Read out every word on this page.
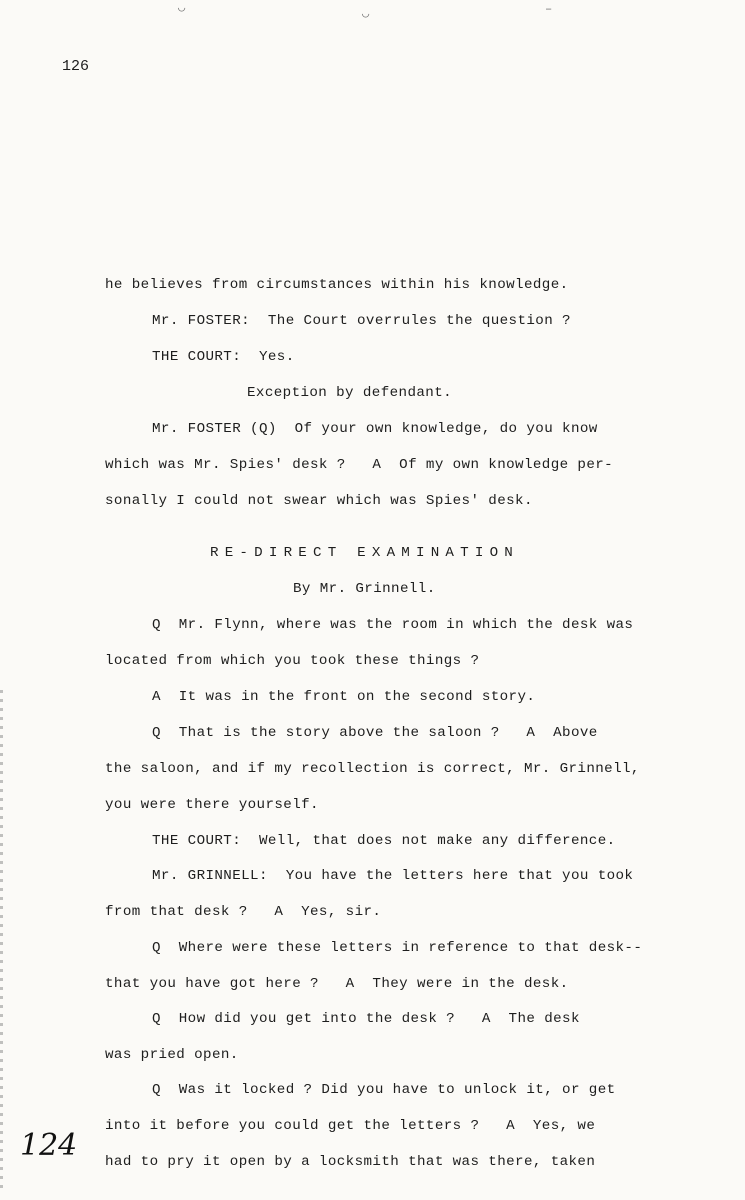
◡	◡	‒
126
he believes from circumstances within his knowledge.
Mr. FOSTER:  The Court overrules the question ?
THE COURT:  Yes.
Exception by defendant.
Mr. FOSTER (Q)  Of your own knowledge, do you know
which was Mr. Spies' desk ?   A  Of my own knowledge per-
sonally I could not swear which was Spies' desk.
RE-DIRECT EXAMINATION
By Mr. Grinnell.
Q  Mr. Flynn, where was the room in which the desk was
located from which you took these things ?
A  It was in the front on the second story.
Q  That is the story above the saloon ?   A  Above
the saloon, and if my recollection is correct, Mr. Grinnell,
you were there yourself.
THE COURT:  Well, that does not make any difference.
Mr. GRINNELL:  You have the letters here that you took
from that desk ?   A  Yes, sir.
Q  Where were these letters in reference to that desk--
that you have got here ?   A  They were in the desk.
Q  How did you get into the desk ?   A  The desk
was pried open.
Q  Was it locked ? Did you have to unlock it, or get
into it before you could get the letters ?   A  Yes, we
had to pry it open by a locksmith that was there, taken
124
